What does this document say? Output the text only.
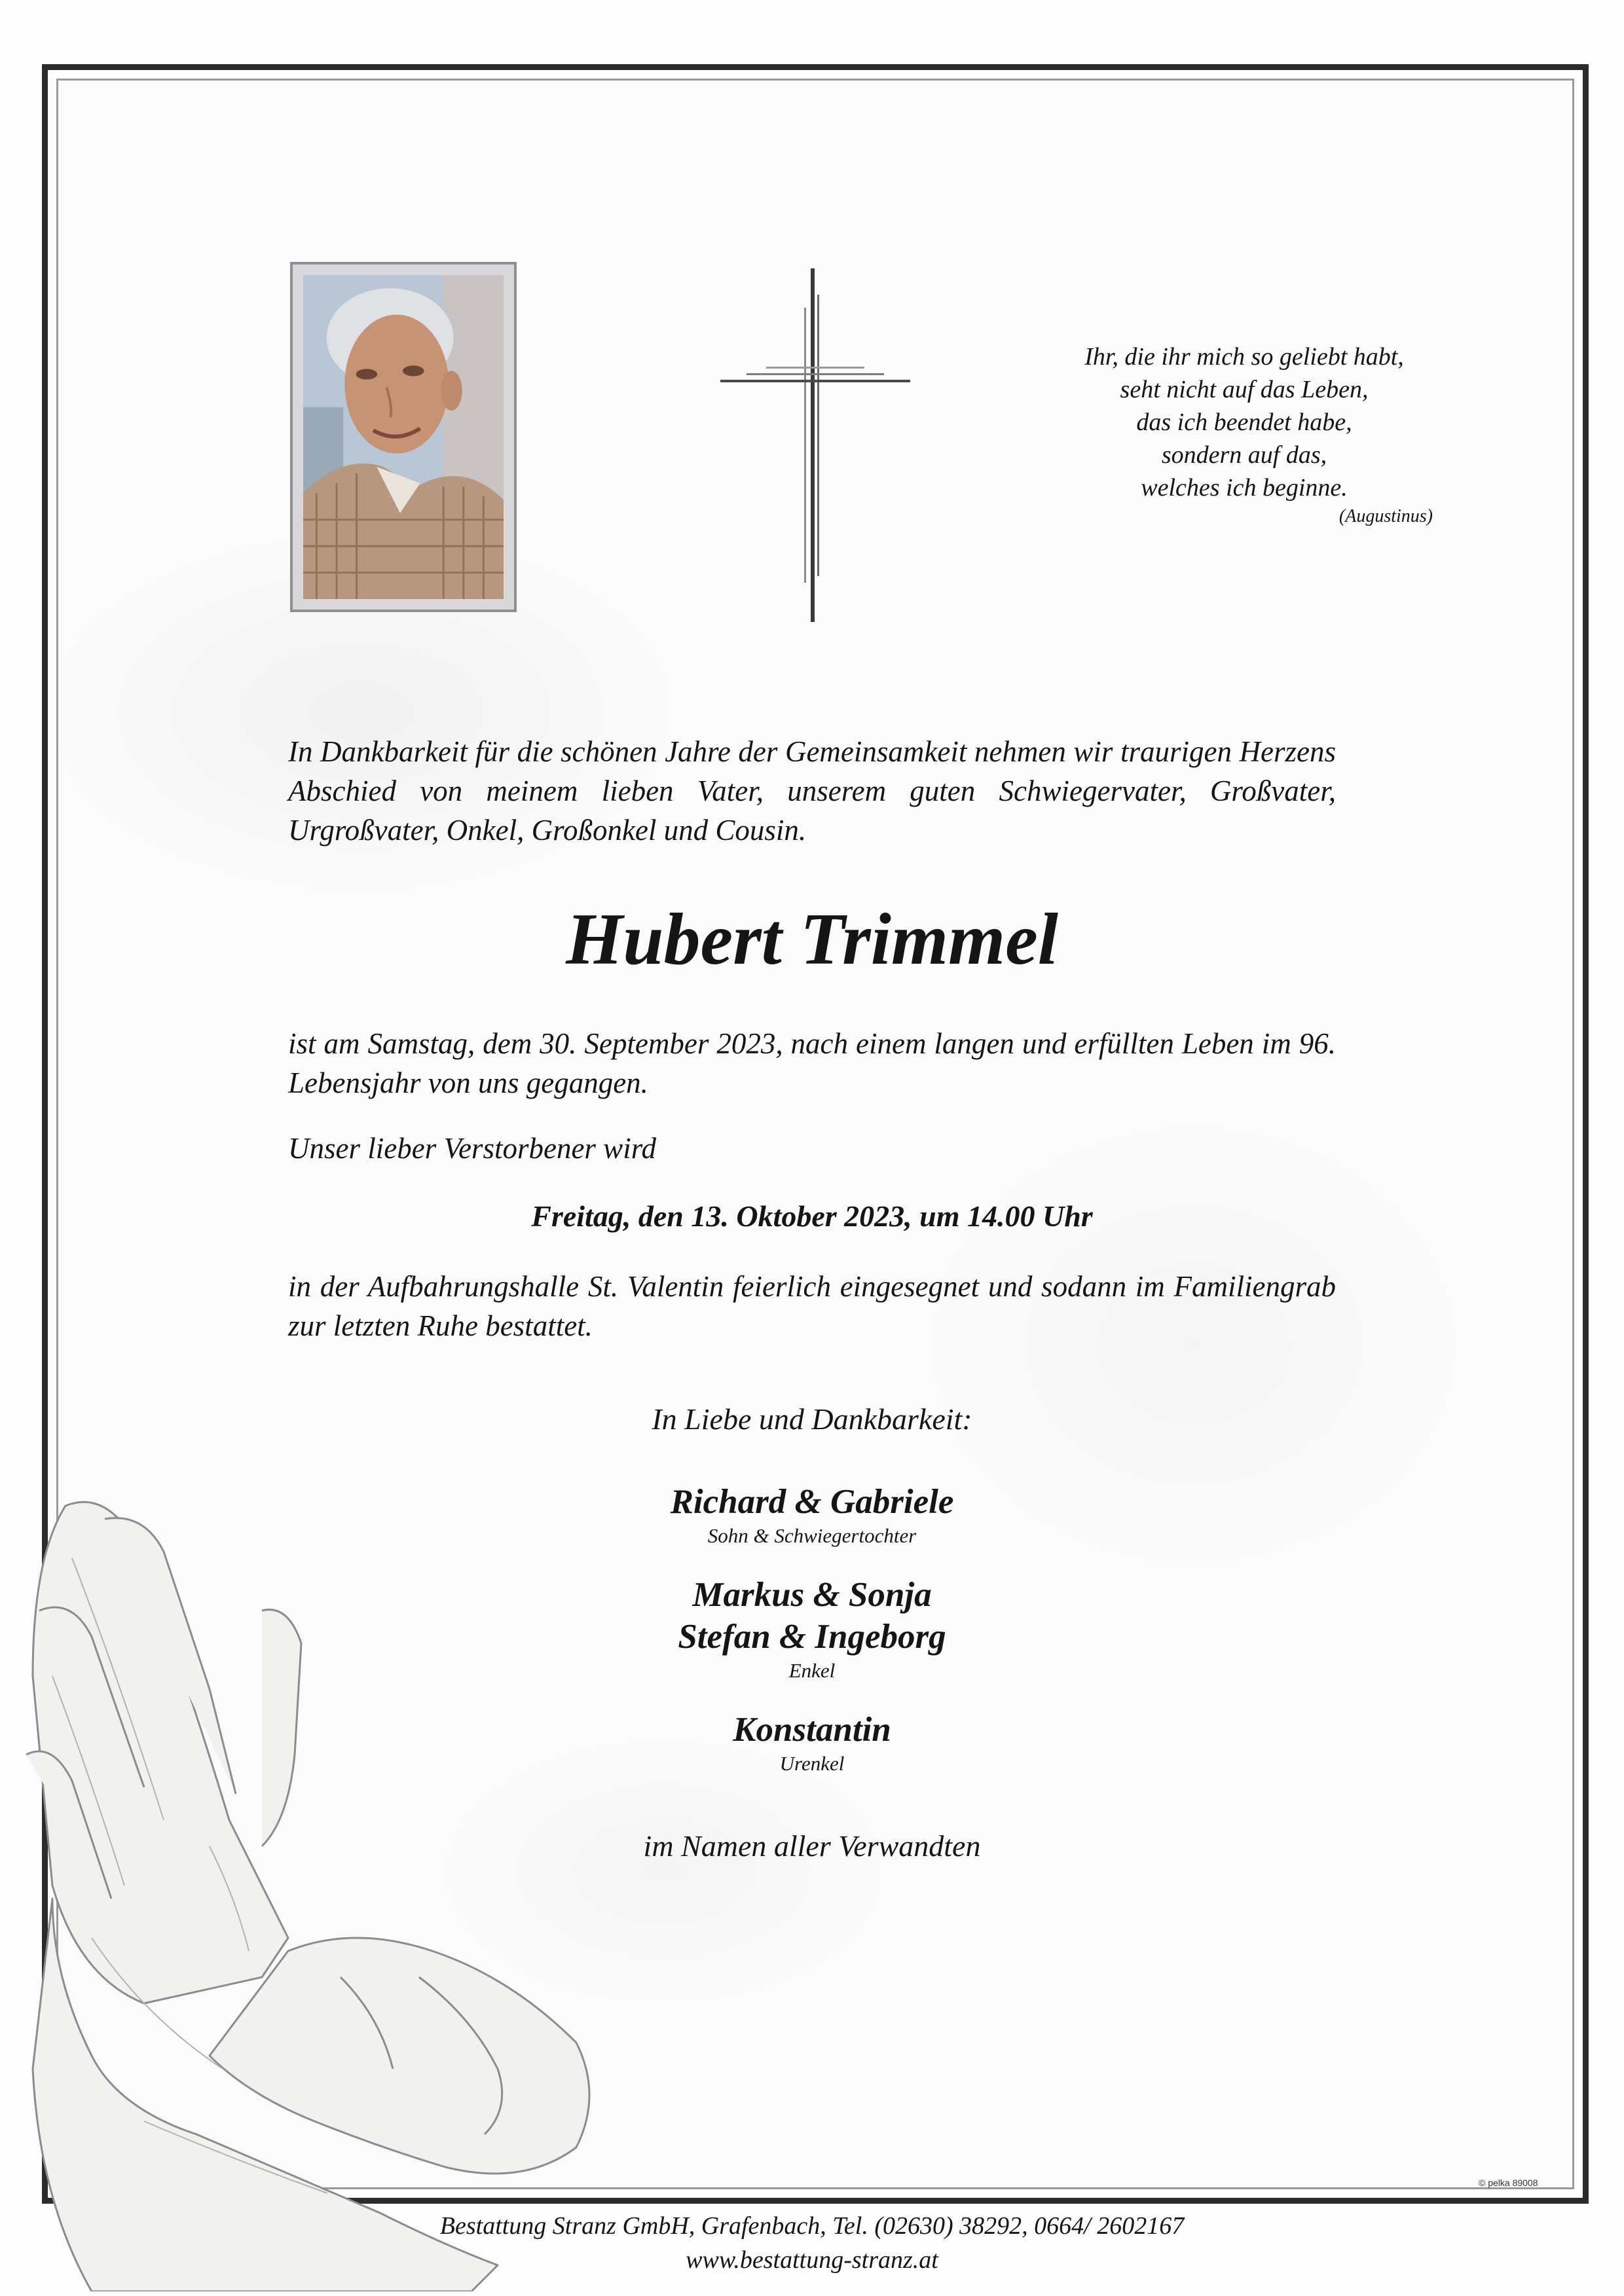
Ihr, die ihr mich so geliebt habt,
seht nicht auf das Leben,
das ich beendet habe,
sondern auf das,
welches ich beginne.
(Augustinus)
In Dankbarkeit für die schönen Jahre der Gemeinsamkeit nehmen wir traurigen Herzens Abschied von meinem lieben Vater, unserem guten Schwiegervater, Großvater, Urgroßvater, Onkel, Großonkel und Cousin.
Hubert Trimmel
ist am Samstag, dem 30. September 2023, nach einem langen und erfüllten Leben im 96. Lebensjahr von uns gegangen.
Unser lieber Verstorbener wird
Freitag, den 13. Oktober 2023, um 14.00 Uhr
in der Aufbahrungshalle St. Valentin feierlich eingesegnet und sodann im Familiengrab zur letzten Ruhe bestattet.
In Liebe und Dankbarkeit:
Richard & Gabriele
Sohn & Schwiegertochter
Markus & Sonja
Stefan & Ingeborg
Enkel
Konstantin
Urenkel
im Namen aller Verwandten
© pelka 89008
Bestattung Stranz GmbH, Grafenbach, Tel. (02630) 38292, 0664/ 2602167
www.bestattung-stranz.at
